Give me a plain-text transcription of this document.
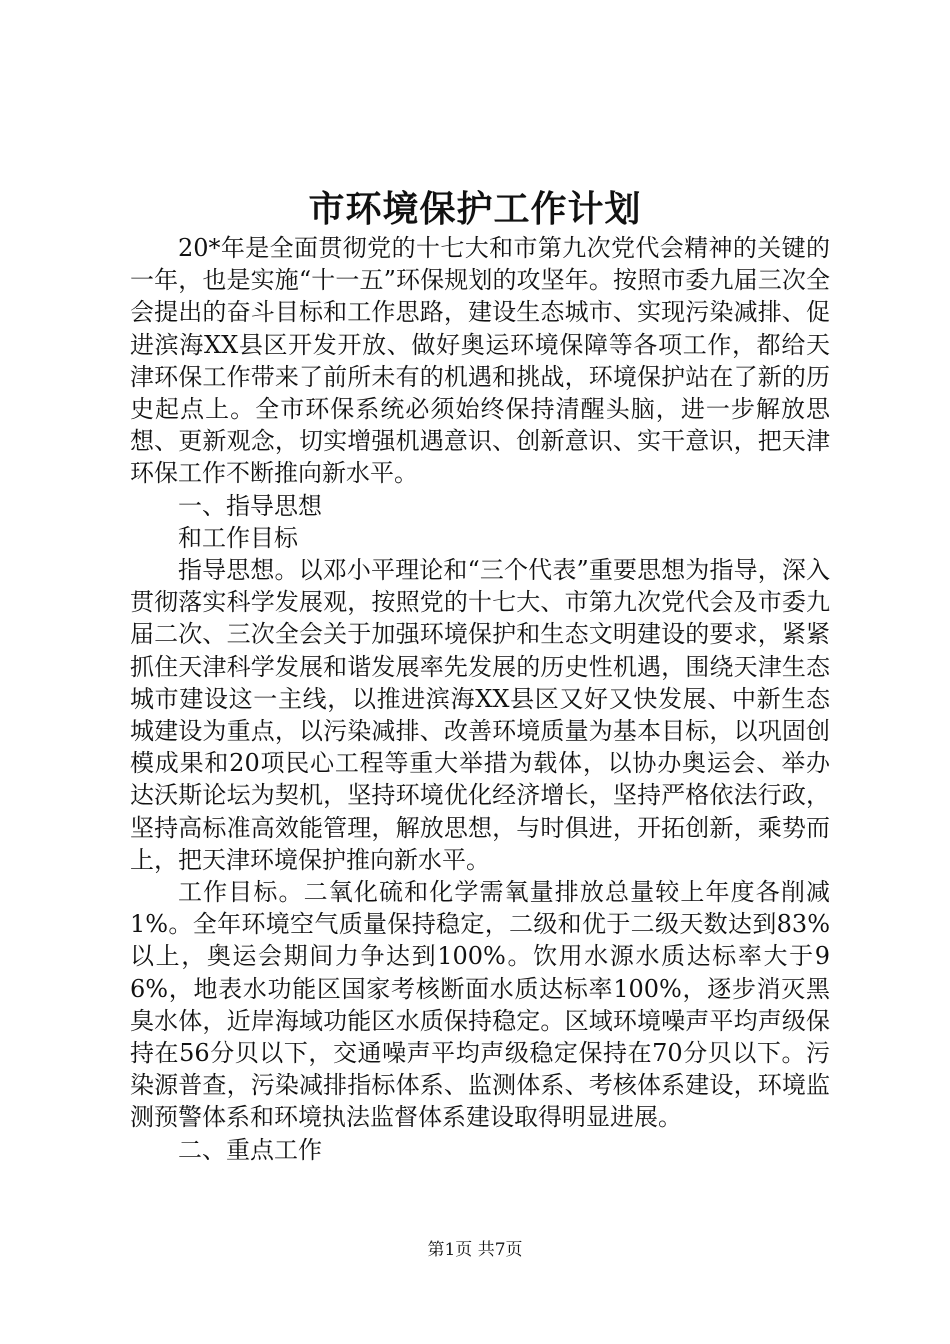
市环境保护工作计划

20*年是全面贯彻党的十七大和市第九次党代会精神的关键的一年，也是实施“十一五”环保规划的攻坚年。按照市委九届三次全会提出的奋斗目标和工作思路，建设生态城市、实现污染减排、促进滨海XX县区开发开放、做好奥运环境保障等各项工作，都给天津环保工作带来了前所未有的机遇和挑战，环境保护站在了新的历史起点上。全市环保系统必须始终保持清醒头脑，进一步解放思想、更新观念，切实增强机遇意识、创新意识、实干意识，把天津环保工作不断推向新水平。

一、指导思想

和工作目标

指导思想。以邓小平理论和“三个代表”重要思想为指导，深入贯彻落实科学发展观，按照党的十七大、市第九次党代会及市委九届二次、三次全会关于加强环境保护和生态文明建设的要求，紧紧抓住天津科学发展和谐发展率先发展的历史性机遇，围绕天津生态城市建设这一主线，以推进滨海XX县区又好又快发展、中新生态城建设为重点，以污染减排、改善环境质量为基本目标，以巩固创模成果和20项民心工程等重大举措为载体，以协办奥运会、举办达沃斯论坛为契机，坚持环境优化经济增长，坚持严格依法行政，坚持高标准高效能管理，解放思想，与时俱进，开拓创新，乘势而上，把天津环境保护推向新水平。

工作目标。二氧化硫和化学需氧量排放总量较上年度各削减1%。全年环境空气质量保持稳定，二级和优于二级天数达到83%以上，奥运会期间力争达到100%。饮用水源水质达标率大于96%，地表水功能区国家考核断面水质达标率100%，逐步消灭黑臭水体，近岸海域功能区水质保持稳定。区域环境噪声平均声级保持在56分贝以下，交通噪声平均声级稳定保持在70分贝以下。污染源普查，污染减排指标体系、监测体系、考核体系建设，环境监测预警体系和环境执法监督体系建设取得明显进展。

二、重点工作

第1页 共7页
